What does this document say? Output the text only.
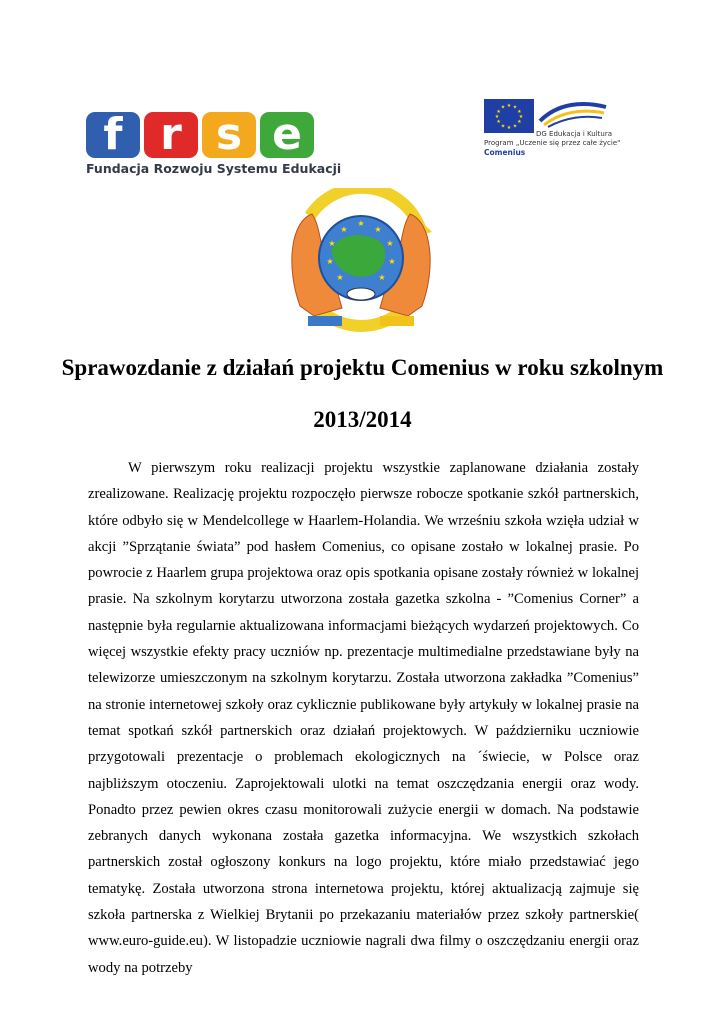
f r s e
Fundacja Rozwoju Systemu Edukacji
★ ★
★
★
★
★
★
★
★
★
★
★
DG Edukacja i Kultura
Program „Uczenie się przez całe życie"
Comenius
★
★
★
★
★
★
★
★
★
Sprawozdanie z działań projektu Comenius w roku szkolnym 2013/2014

W pierwszym roku realizacji projektu wszystkie zaplanowane działania zostały zrealizowane. Realizację projektu rozpoczęło pierwsze robocze spotkanie szkół partnerskich, które odbyło się w Mendelcollege w Haarlem-Holandia. We wrześniu szkoła wzięła udział w akcji ”Sprzątanie świata” pod hasłem Comenius, co opisane zostało w lokalnej prasie. Po powrocie z Haarlem grupa projektowa oraz opis spotkania opisane zostały również w lokalnej prasie. Na szkolnym korytarzu utworzona została gazetka szkolna - ”Comenius Corner” a następnie była regularnie aktualizowana informacjami bieżących wydarzeń projektowych. Co więcej wszystkie efekty pracy uczniów np. prezentacje multimedialne przedstawiane były na telewizorze umieszczonym na szkolnym korytarzu. Została utworzona zakładka ”Comenius” na stronie internetowej szkoły oraz cyklicznie publikowane były artykuły w lokalnej prasie na temat spotkań szkół partnerskich oraz działań projektowych. W październiku uczniowie przygotowali prezentacje o problemach ekologicznych na ´świecie, w Polsce oraz najbliższym otoczeniu. Zaprojektowali ulotki na temat oszczędzania energii oraz wody. Ponadto przez pewien okres czasu monitorowali zużycie energii w domach. Na podstawie zebranych danych wykonana została gazetka informacyjna. We wszystkich szkołach partnerskich został ogłoszony konkurs na logo projektu, które miało przedstawiać jego tematykę. Została utworzona strona internetowa projektu, której aktualizacją zajmuje się szkoła partnerska z Wielkiej Brytanii po przekazaniu materiałów przez szkoły partnerskie( www.euro-guide.eu). W listopadzie uczniowie nagrali dwa filmy o oszczędzaniu energii oraz wody na potrzeby
